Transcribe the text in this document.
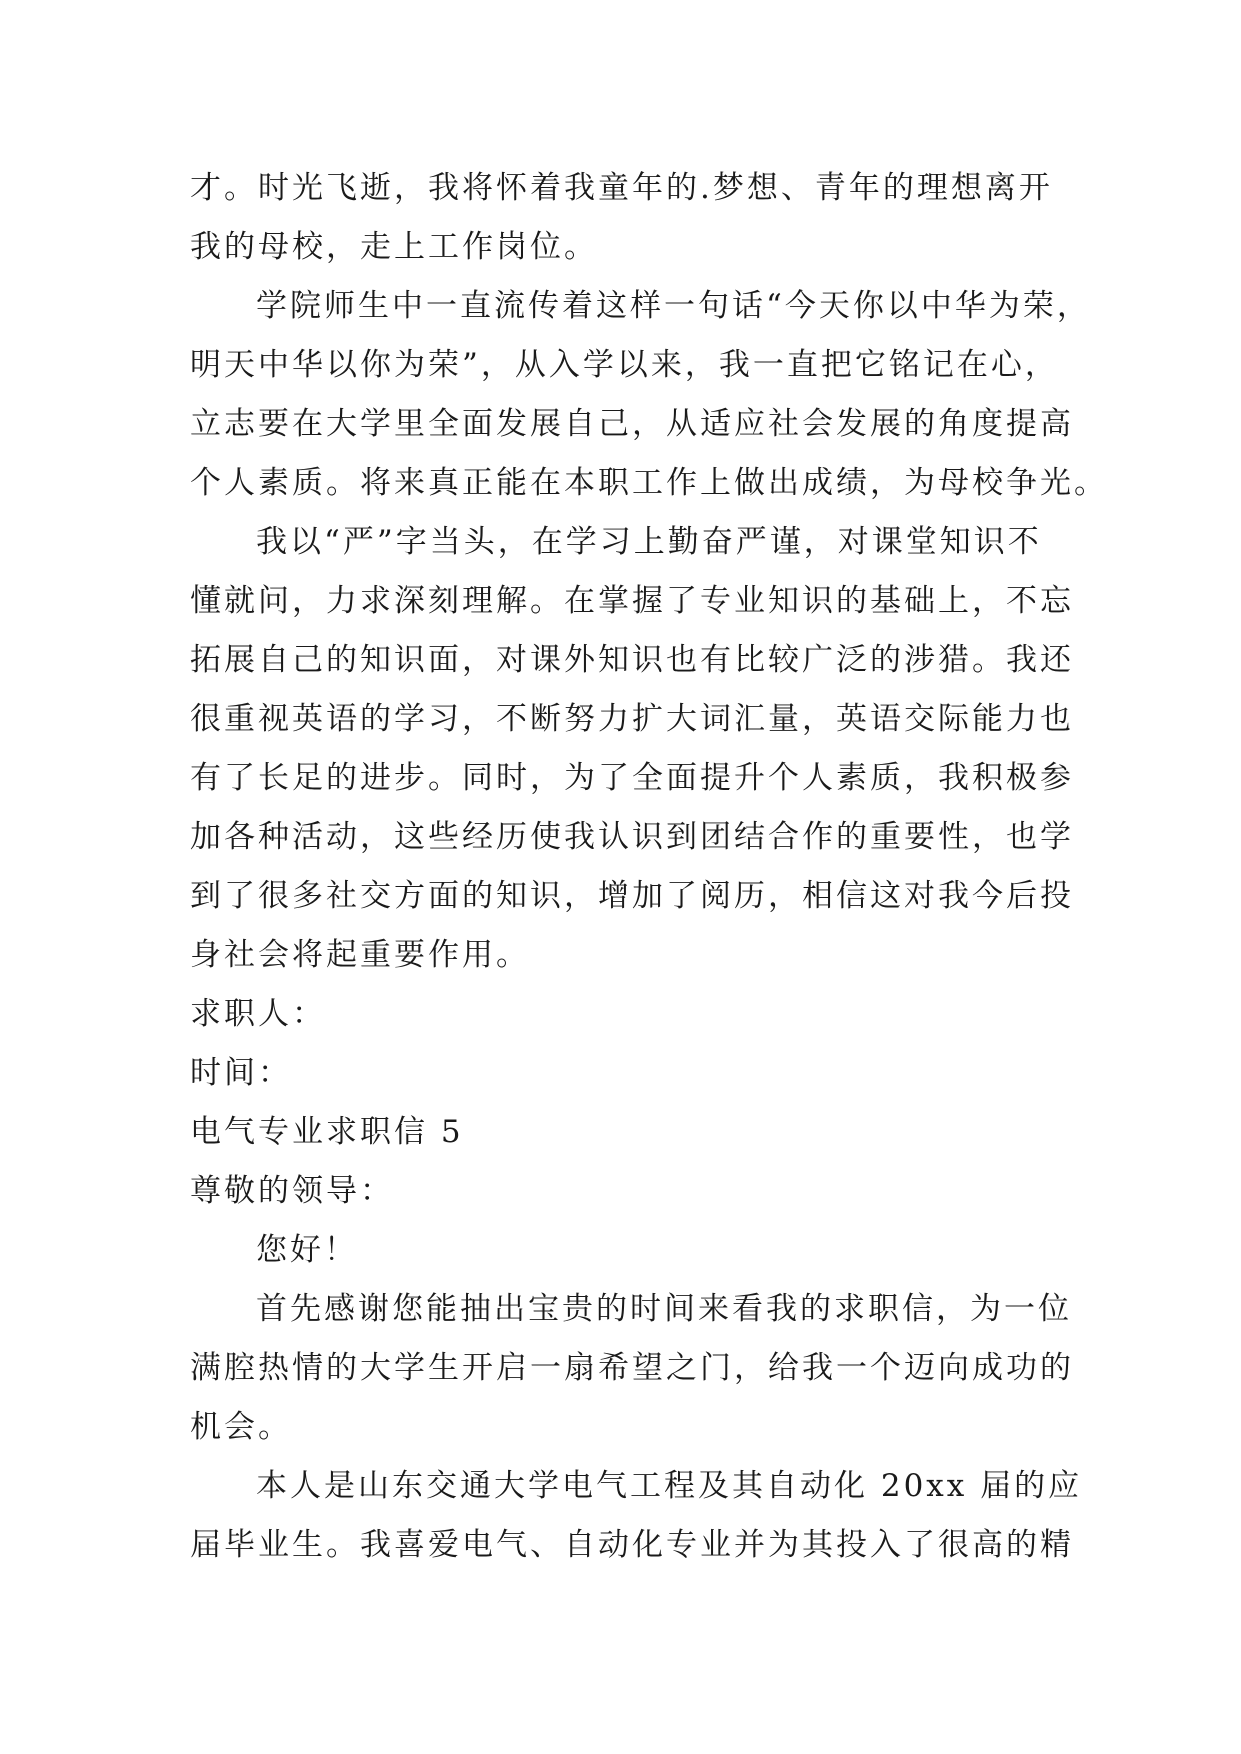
才。时光飞逝，我将怀着我童年的.梦想、青年的理想离开
我的母校，走上工作岗位。
学院师生中一直流传着这样一句话“今天你以中华为荣，
明天中华以你为荣”，从入学以来，我一直把它铭记在心，
立志要在大学里全面发展自己，从适应社会发展的角度提高
个人素质。将来真正能在本职工作上做出成绩，为母校争光。
我以“严”字当头，在学习上勤奋严谨，对课堂知识不
懂就问，力求深刻理解。在掌握了专业知识的基础上，不忘
拓展自己的知识面，对课外知识也有比较广泛的涉猎。我还
很重视英语的学习，不断努力扩大词汇量，英语交际能力也
有了长足的进步。同时，为了全面提升个人素质，我积极参
加各种活动，这些经历使我认识到团结合作的重要性，也学
到了很多社交方面的知识，增加了阅历，相信这对我今后投
身社会将起重要作用。
求职人：
时间：
电气专业求职信 5
尊敬的领导：
您好！
首先感谢您能抽出宝贵的时间来看我的求职信，为一位
满腔热情的大学生开启一扇希望之门，给我一个迈向成功的
机会。
本人是山东交通大学电气工程及其自动化 20xx 届的应
届毕业生。我喜爱电气、自动化专业并为其投入了很高的精
